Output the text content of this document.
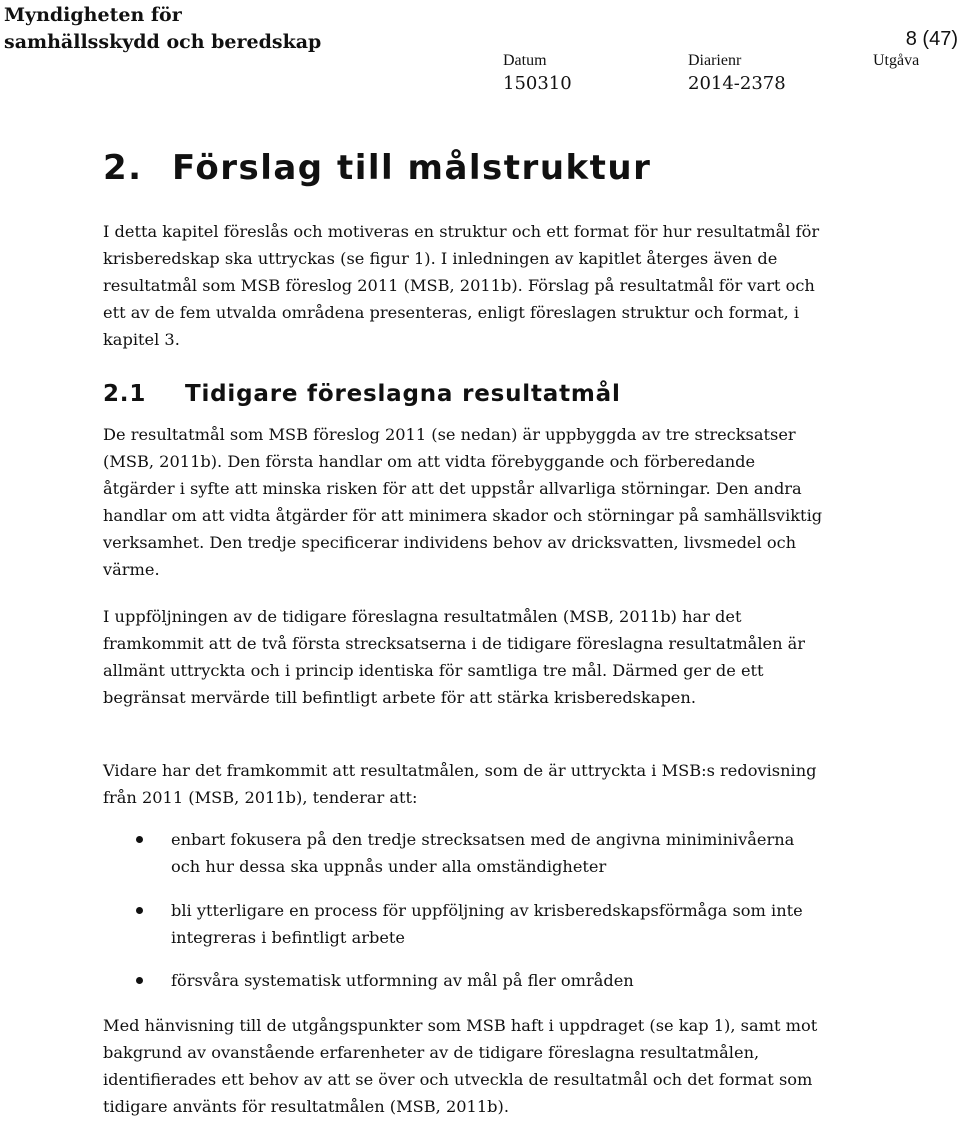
Myndigheten för
samhällsskydd och beredskap	8 (47)
Datum
150310
Diarienr
2014-2378
Utgåva
2. Förslag till målstruktur

I detta kapitel föreslås och motiveras en struktur och ett format för hur resultatmål för krisberedskap ska uttryckas (se figur 1). I inledningen av kapitlet återges även de resultatmål som MSB föreslog 2011 (MSB, 2011b). Förslag på resultatmål för vart och ett av de fem utvalda områdena presenteras, enligt föreslagen struktur och format, i kapitel 3.

2.1 Tidigare föreslagna resultatmål

De resultatmål som MSB föreslog 2011 (se nedan) är uppbyggda av tre strecksatser (MSB, 2011b). Den första handlar om att vidta förebyggande och förberedande åtgärder i syfte att minska risken för att det uppstår allvarliga störningar. Den andra handlar om att vidta åtgärder för att minimera skador och störningar på samhällsviktig verksamhet. Den tredje specificerar individens behov av dricksvatten, livsmedel och värme.

I uppföljningen av de tidigare föreslagna resultatmålen (MSB, 2011b) har det framkommit att de två första strecksatserna i de tidigare föreslagna resultatmålen är allmänt uttryckta och i princip identiska för samtliga tre mål. Därmed ger de ett begränsat mervärde till befintligt arbete för att stärka krisberedskapen.

Vidare har det framkommit att resultatmålen, som de är uttryckta i MSB:s redovisning från 2011 (MSB, 2011b), tenderar att:

enbart fokusera på den tredje strecksatsen med de angivna miniminivåerna och hur dessa ska uppnås under alla omständigheter
bli ytterligare en process för uppföljning av krisberedskapsförmåga som inte integreras i befintligt arbete
försvåra systematisk utformning av mål på fler områden

Med hänvisning till de utgångspunkter som MSB haft i uppdraget (se kap 1), samt mot bakgrund av ovanstående erfarenheter av de tidigare föreslagna resultatmålen, identifierades ett behov av att se över och utveckla de resultatmål och det format som tidigare använts för resultatmålen (MSB, 2011b).
